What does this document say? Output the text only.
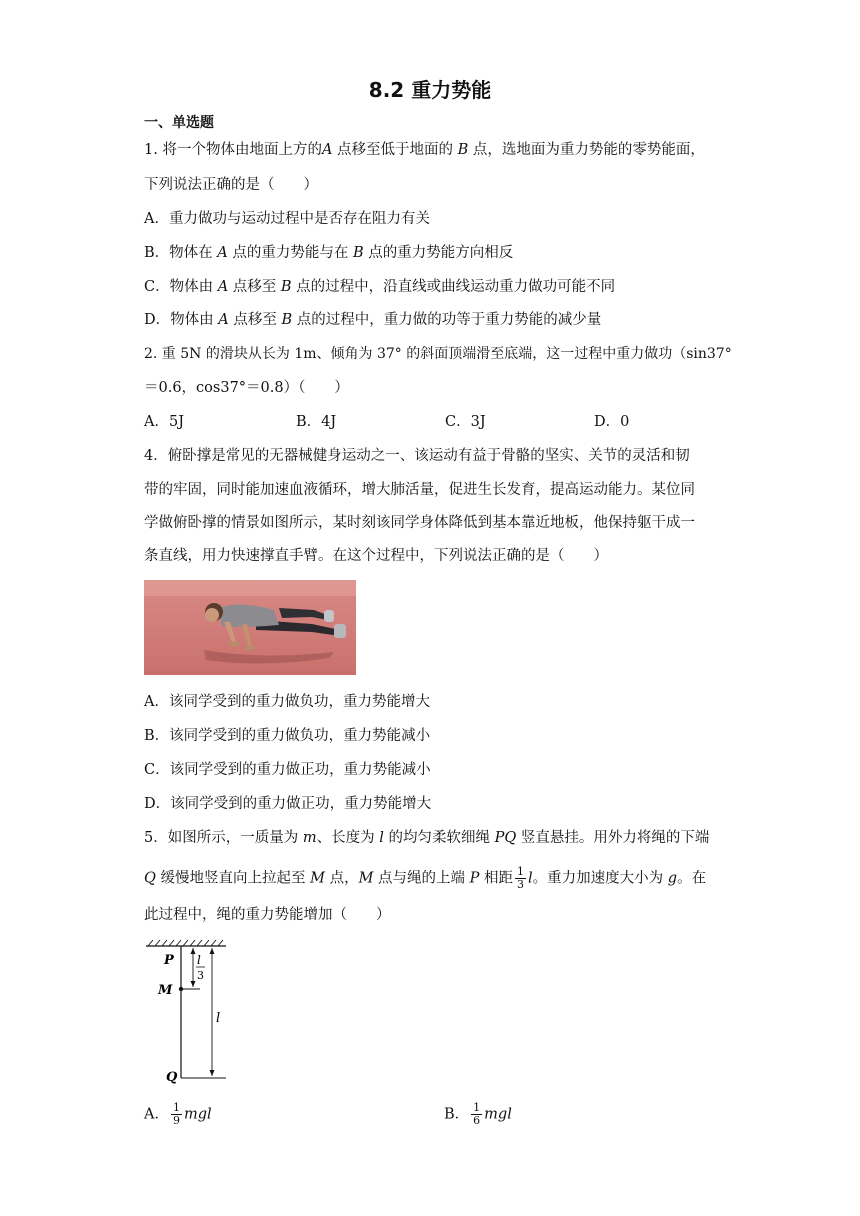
8.2 重力势能
一、单选题
1. 将一个物体由地面上方的A 点移至低于地面的 B 点，选地面为重力势能的零势能面，
下列说法正确的是（　　）
A．重力做功与运动过程中是否存在阻力有关
B．物体在 A 点的重力势能与在 B 点的重力势能方向相反
C．物体由 A 点移至 B 点的过程中，沿直线或曲线运动重力做功可能不同
D．物体由 A 点移至 B 点的过程中，重力做的功等于重力势能的减少量
2. 重 5N 的滑块从长为 1m、倾角为 37° 的斜面顶端滑至底端，这一过程中重力做功（sin37°
＝0.6，cos37°＝0.8）（　　）
A．5J	B．4J	C．3J	D．0
4．俯卧撑是常见的无器械健身运动之一、该运动有益于骨骼的坚实、关节的灵活和韧
带的牢固，同时能加速血液循环，增大肺活量，促进生长发育，提高运动能力。某位同
学做俯卧撑的情景如图所示，某时刻该同学身体降低到基本靠近地板，他保持躯干成一
条直线，用力快速撑直手臂。在这个过程中，下列说法正确的是（　　）
A．该同学受到的重力做负功，重力势能增大
B．该同学受到的重力做负功，重力势能减小
C．该同学受到的重力做正功，重力势能减小
D．该同学受到的重力做正功，重力势能增大
5．如图所示，一质量为 m、长度为 l 的均匀柔软细绳 PQ 竖直悬挂。用外力将绳的下端
Q 缓慢地竖直向上拉起至 M 点，M 点与绳的上端 P 相距 $\frac{1}{3}$ l。重力加速度大小为 g。在
此过程中，绳的重力势能增加（　　）
P
M
Q
l
3
l
A． $\frac{1}{9}$ mgl	B． $\frac{1}{6}$ mgl
